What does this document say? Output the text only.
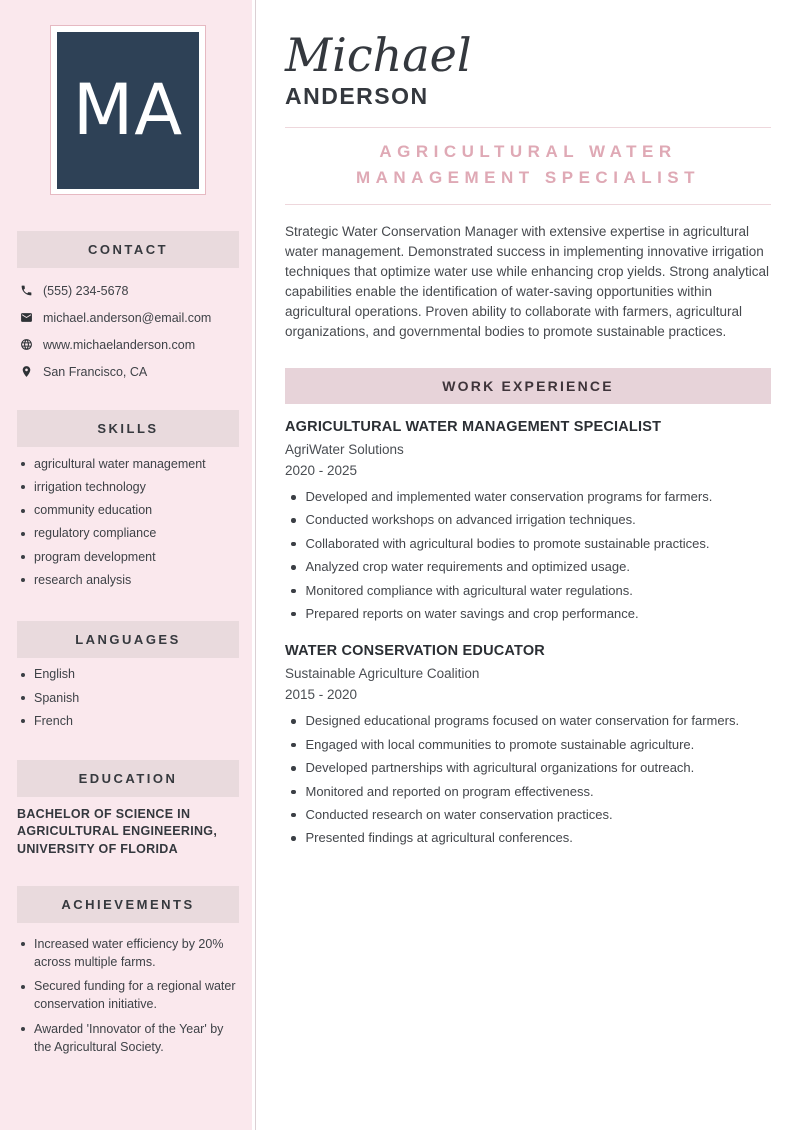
MA
CONTACT
(555) 234-5678
michael.anderson@email.com
www.michaelanderson.com
San Francisco, CA
SKILLS
agricultural water management
irrigation technology
community education
regulatory compliance
program development
research analysis
LANGUAGES
English
Spanish
French
EDUCATION
BACHELOR OF SCIENCE IN AGRICULTURAL ENGINEERING, UNIVERSITY OF FLORIDA
ACHIEVEMENTS
Increased water efficiency by 20% across multiple farms.
Secured funding for a regional water conservation initiative.
Awarded 'Innovator of the Year' by the Agricultural Society.
Michael
ANDERSON
AGRICULTURAL WATER MANAGEMENT SPECIALIST

Strategic Water Conservation Manager with extensive expertise in agricultural water management. Demonstrated success in implementing innovative irrigation techniques that optimize water use while enhancing crop yields. Strong analytical capabilities enable the identification of water-saving opportunities within agricultural operations. Proven ability to collaborate with farmers, agricultural organizations, and governmental bodies to promote sustainable practices.

WORK EXPERIENCE
AGRICULTURAL WATER MANAGEMENT SPECIALIST
AgriWater Solutions
2020 - 2025
Developed and implemented water conservation programs for farmers.
Conducted workshops on advanced irrigation techniques.
Collaborated with agricultural bodies to promote sustainable practices.
Analyzed crop water requirements and optimized usage.
Monitored compliance with agricultural water regulations.
Prepared reports on water savings and crop performance.
WATER CONSERVATION EDUCATOR
Sustainable Agriculture Coalition
2015 - 2020
Designed educational programs focused on water conservation for farmers.
Engaged with local communities to promote sustainable agriculture.
Developed partnerships with agricultural organizations for outreach.
Monitored and reported on program effectiveness.
Conducted research on water conservation practices.
Presented findings at agricultural conferences.
